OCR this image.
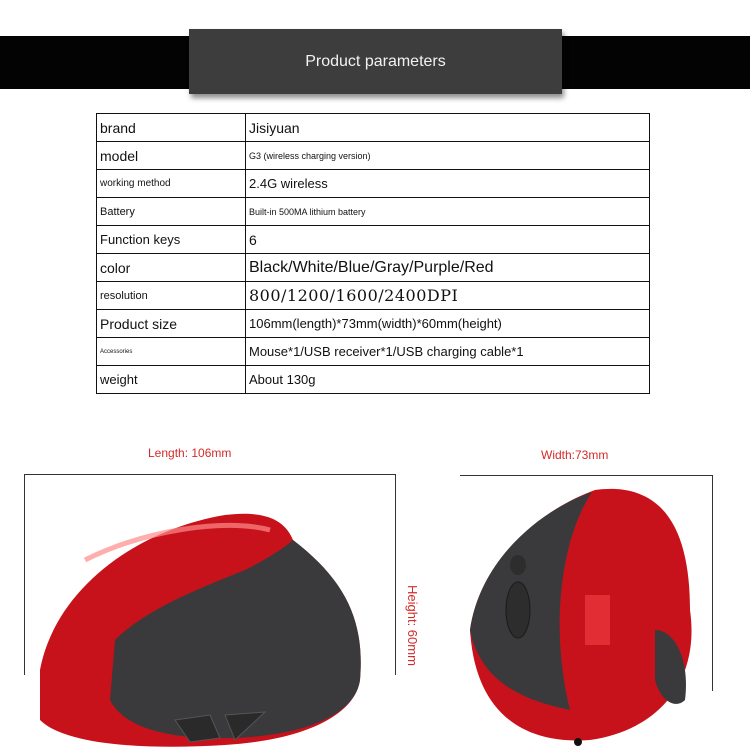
Product parameters
brand	Jisiyuan
model	G3 (wireless charging version)
working method	2.4G wireless
Battery	Built-in 500MA lithium battery
Function keys	6
color	Black/White/Blue/Gray/Purple/Red
resolution	800/1200/1600/2400DPI
Product size	106mm(length)*73mm(width)*60mm(height)
Accessories	Mouse*1/USB receiver*1/USB charging cable*1
weight	About 130g
Length: 106mm	Width:73mm
Height: 60mm
